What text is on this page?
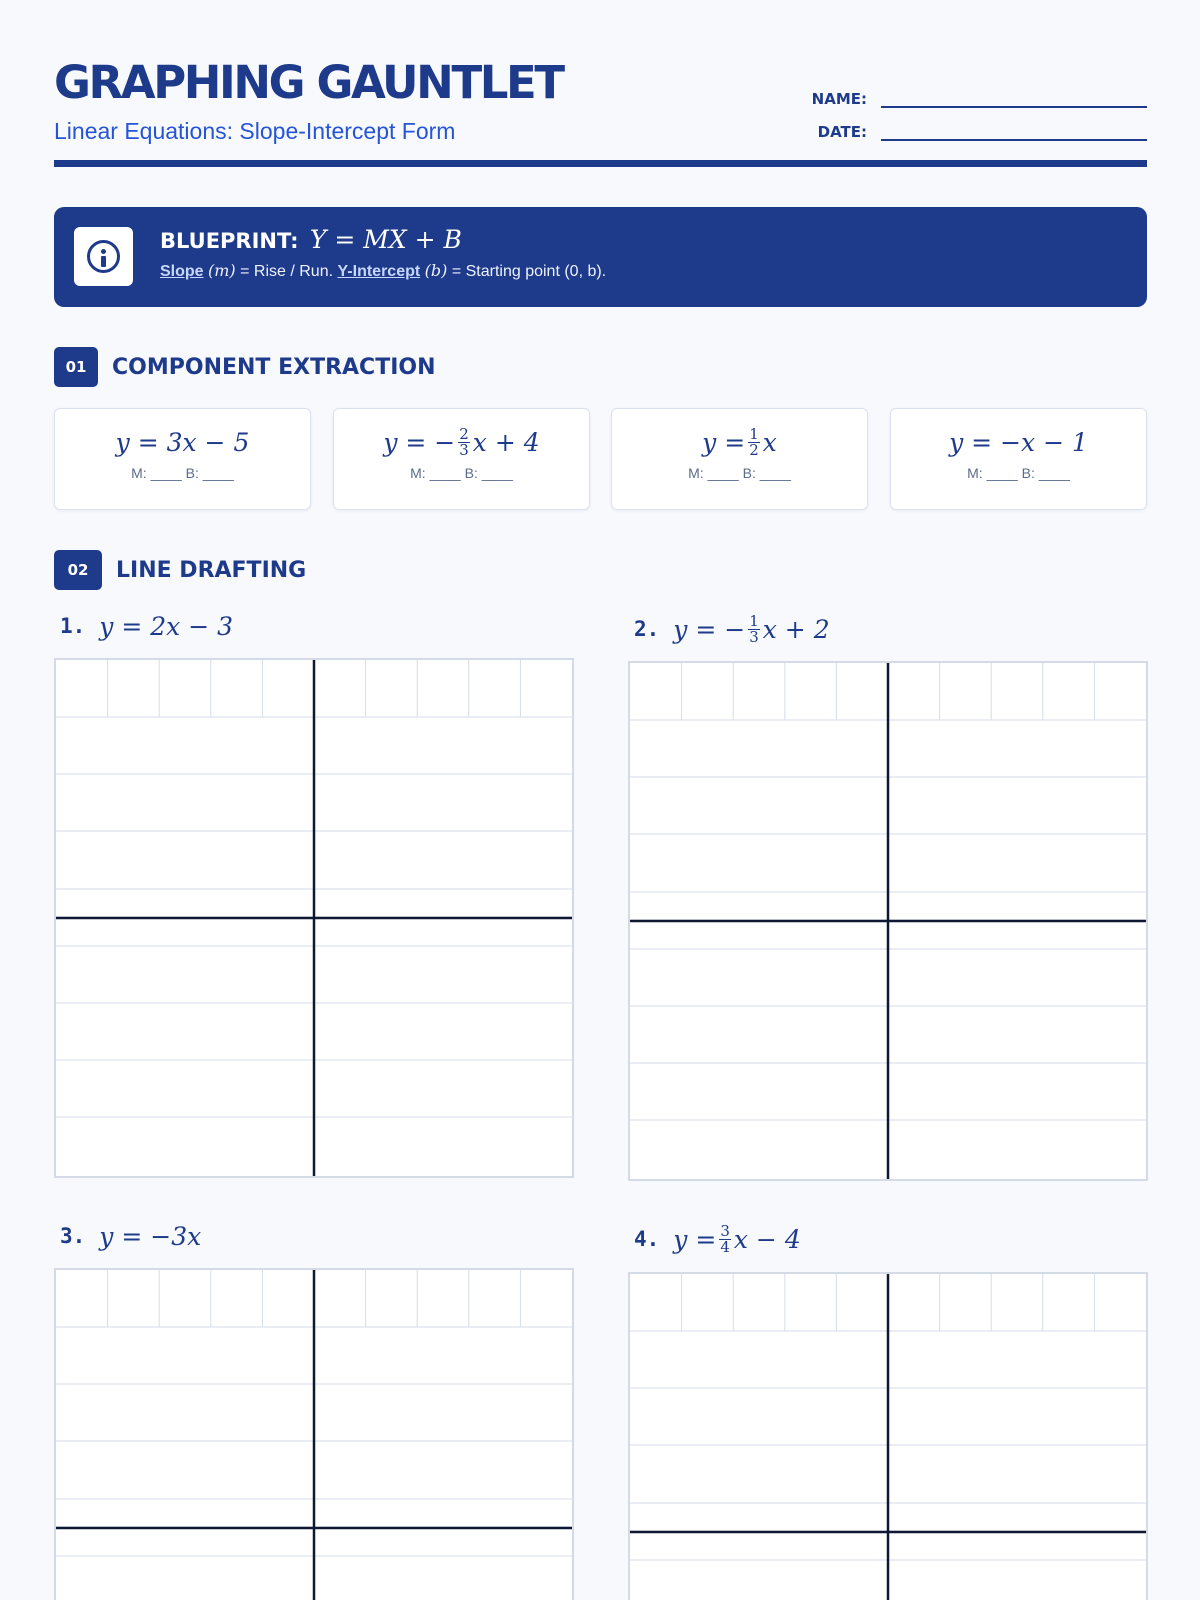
GRAPHING GAUNTLET
Linear Equations: Slope-Intercept Form
NAME:
DATE:
BLUEPRINT: Y = MX + B
Slope (m) = Rise / Run. Y-Intercept (b) = Starting point (0, b).
01	COMPONENT EXTRACTION
y = 3x − 5
M: ____ B: ____
y = − $\frac{2}{3}$ x + 4
M: ____ B: ____
$y = \frac{1}{2}$ x
M: ____ B: ____
y = −x − 1
M: ____ B: ____
02	LINE DRAFTING
1. y = 2x − 3	2. y = − $\frac{1}{3}$ x + 2
3. y = −3x	4. $y = \frac{3}{4}$ x − 4
